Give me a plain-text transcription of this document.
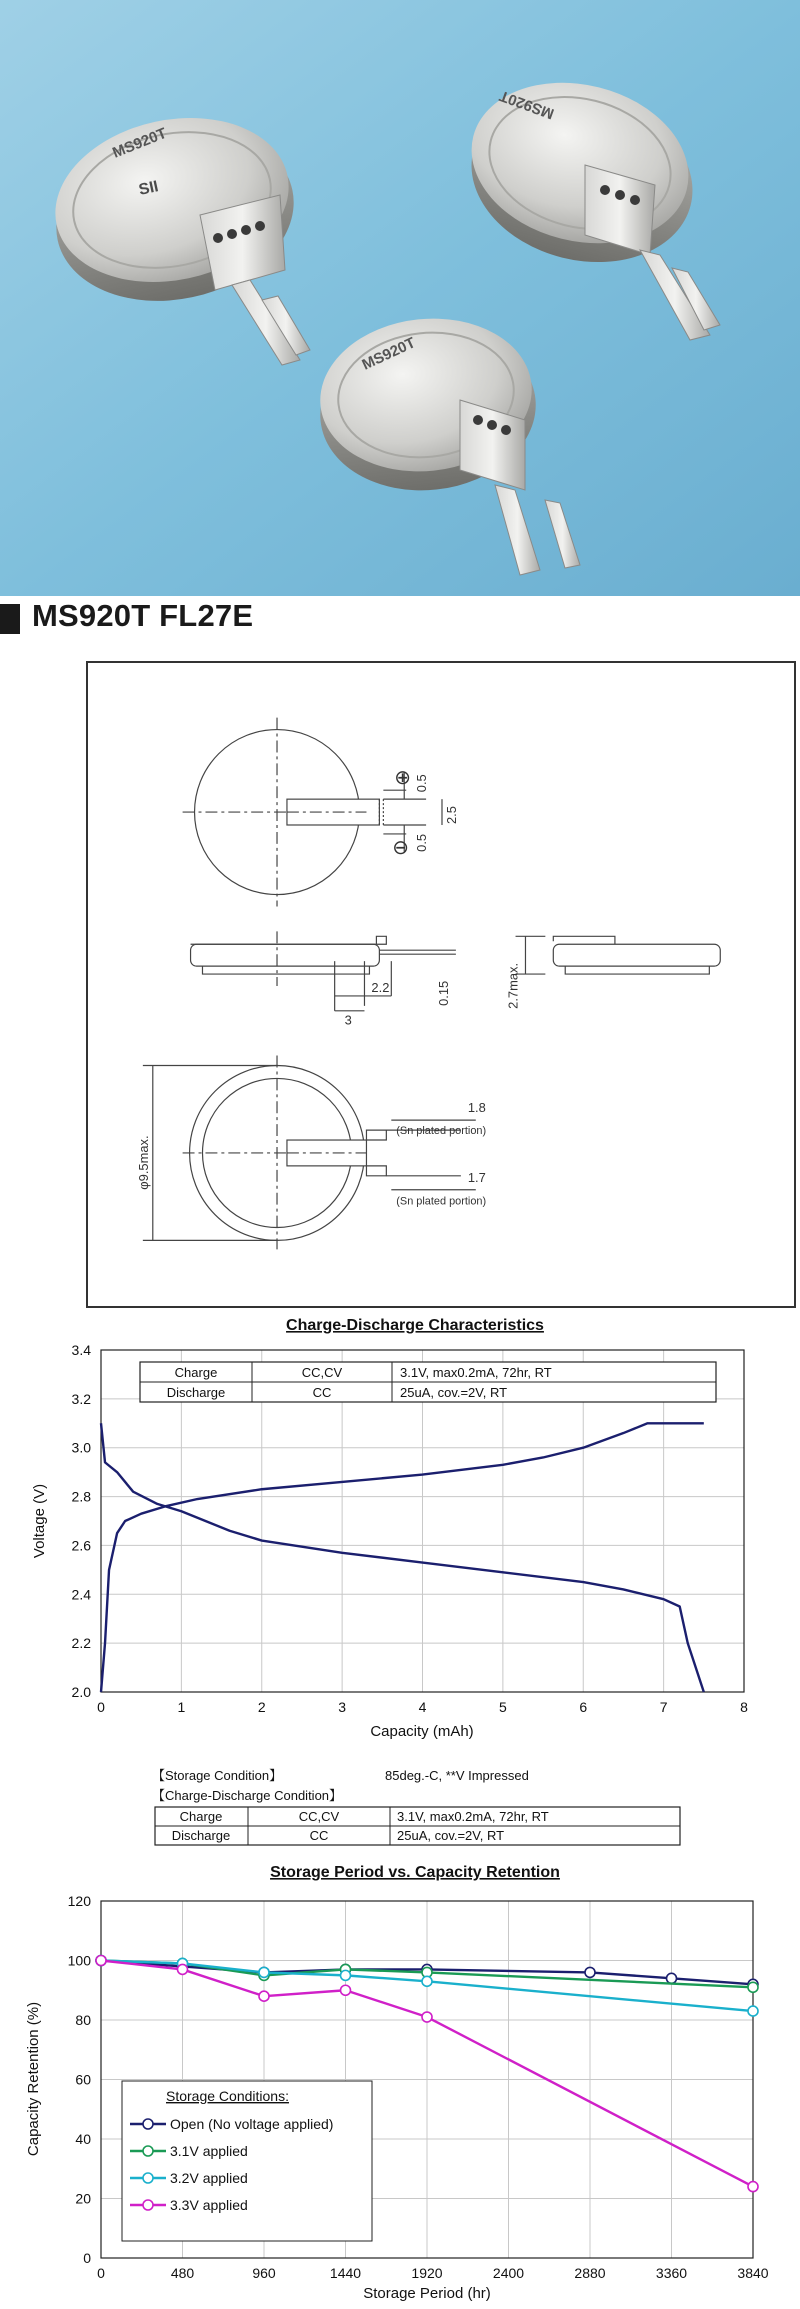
MS920T
SII
MS920T
MS920T
MS920T FL27E
⊕
⊖
0.5
2.5
0.5
2.2
3
0.15	2.7max.
φ9.5max.
1.8
(Sn plated portion)
1.7
(Sn plated portion)
Charge-Discharge Characteristics
2.0
2.2
2.4
2.6
2.8
3.0
3.2
3.4
0	1	2	3	4	5	6	7	8
Charge	CC,CV	3.1V, max0.2mA, 72hr, RT
Discharge	CC	25uA, cov.=2V, RT
Capacity (mAh)
Voltage (V)
【Storage Condition】	85deg.-C, **V Impressed
【Charge-Discharge Condition】
Charge	CC,CV	3.1V, max0.2mA, 72hr, RT
Discharge	CC	25uA, cov.=2V, RT
Storage Period vs. Capacity Retention
0
20
40
60
80
100
120
0	480	960	1440	1920	2400	2880	3360	3840
Storage Conditions:
Open (No voltage applied)
3.1V applied
3.2V applied
3.3V applied
Storage Period (hr)
Capacity Retention (%)
